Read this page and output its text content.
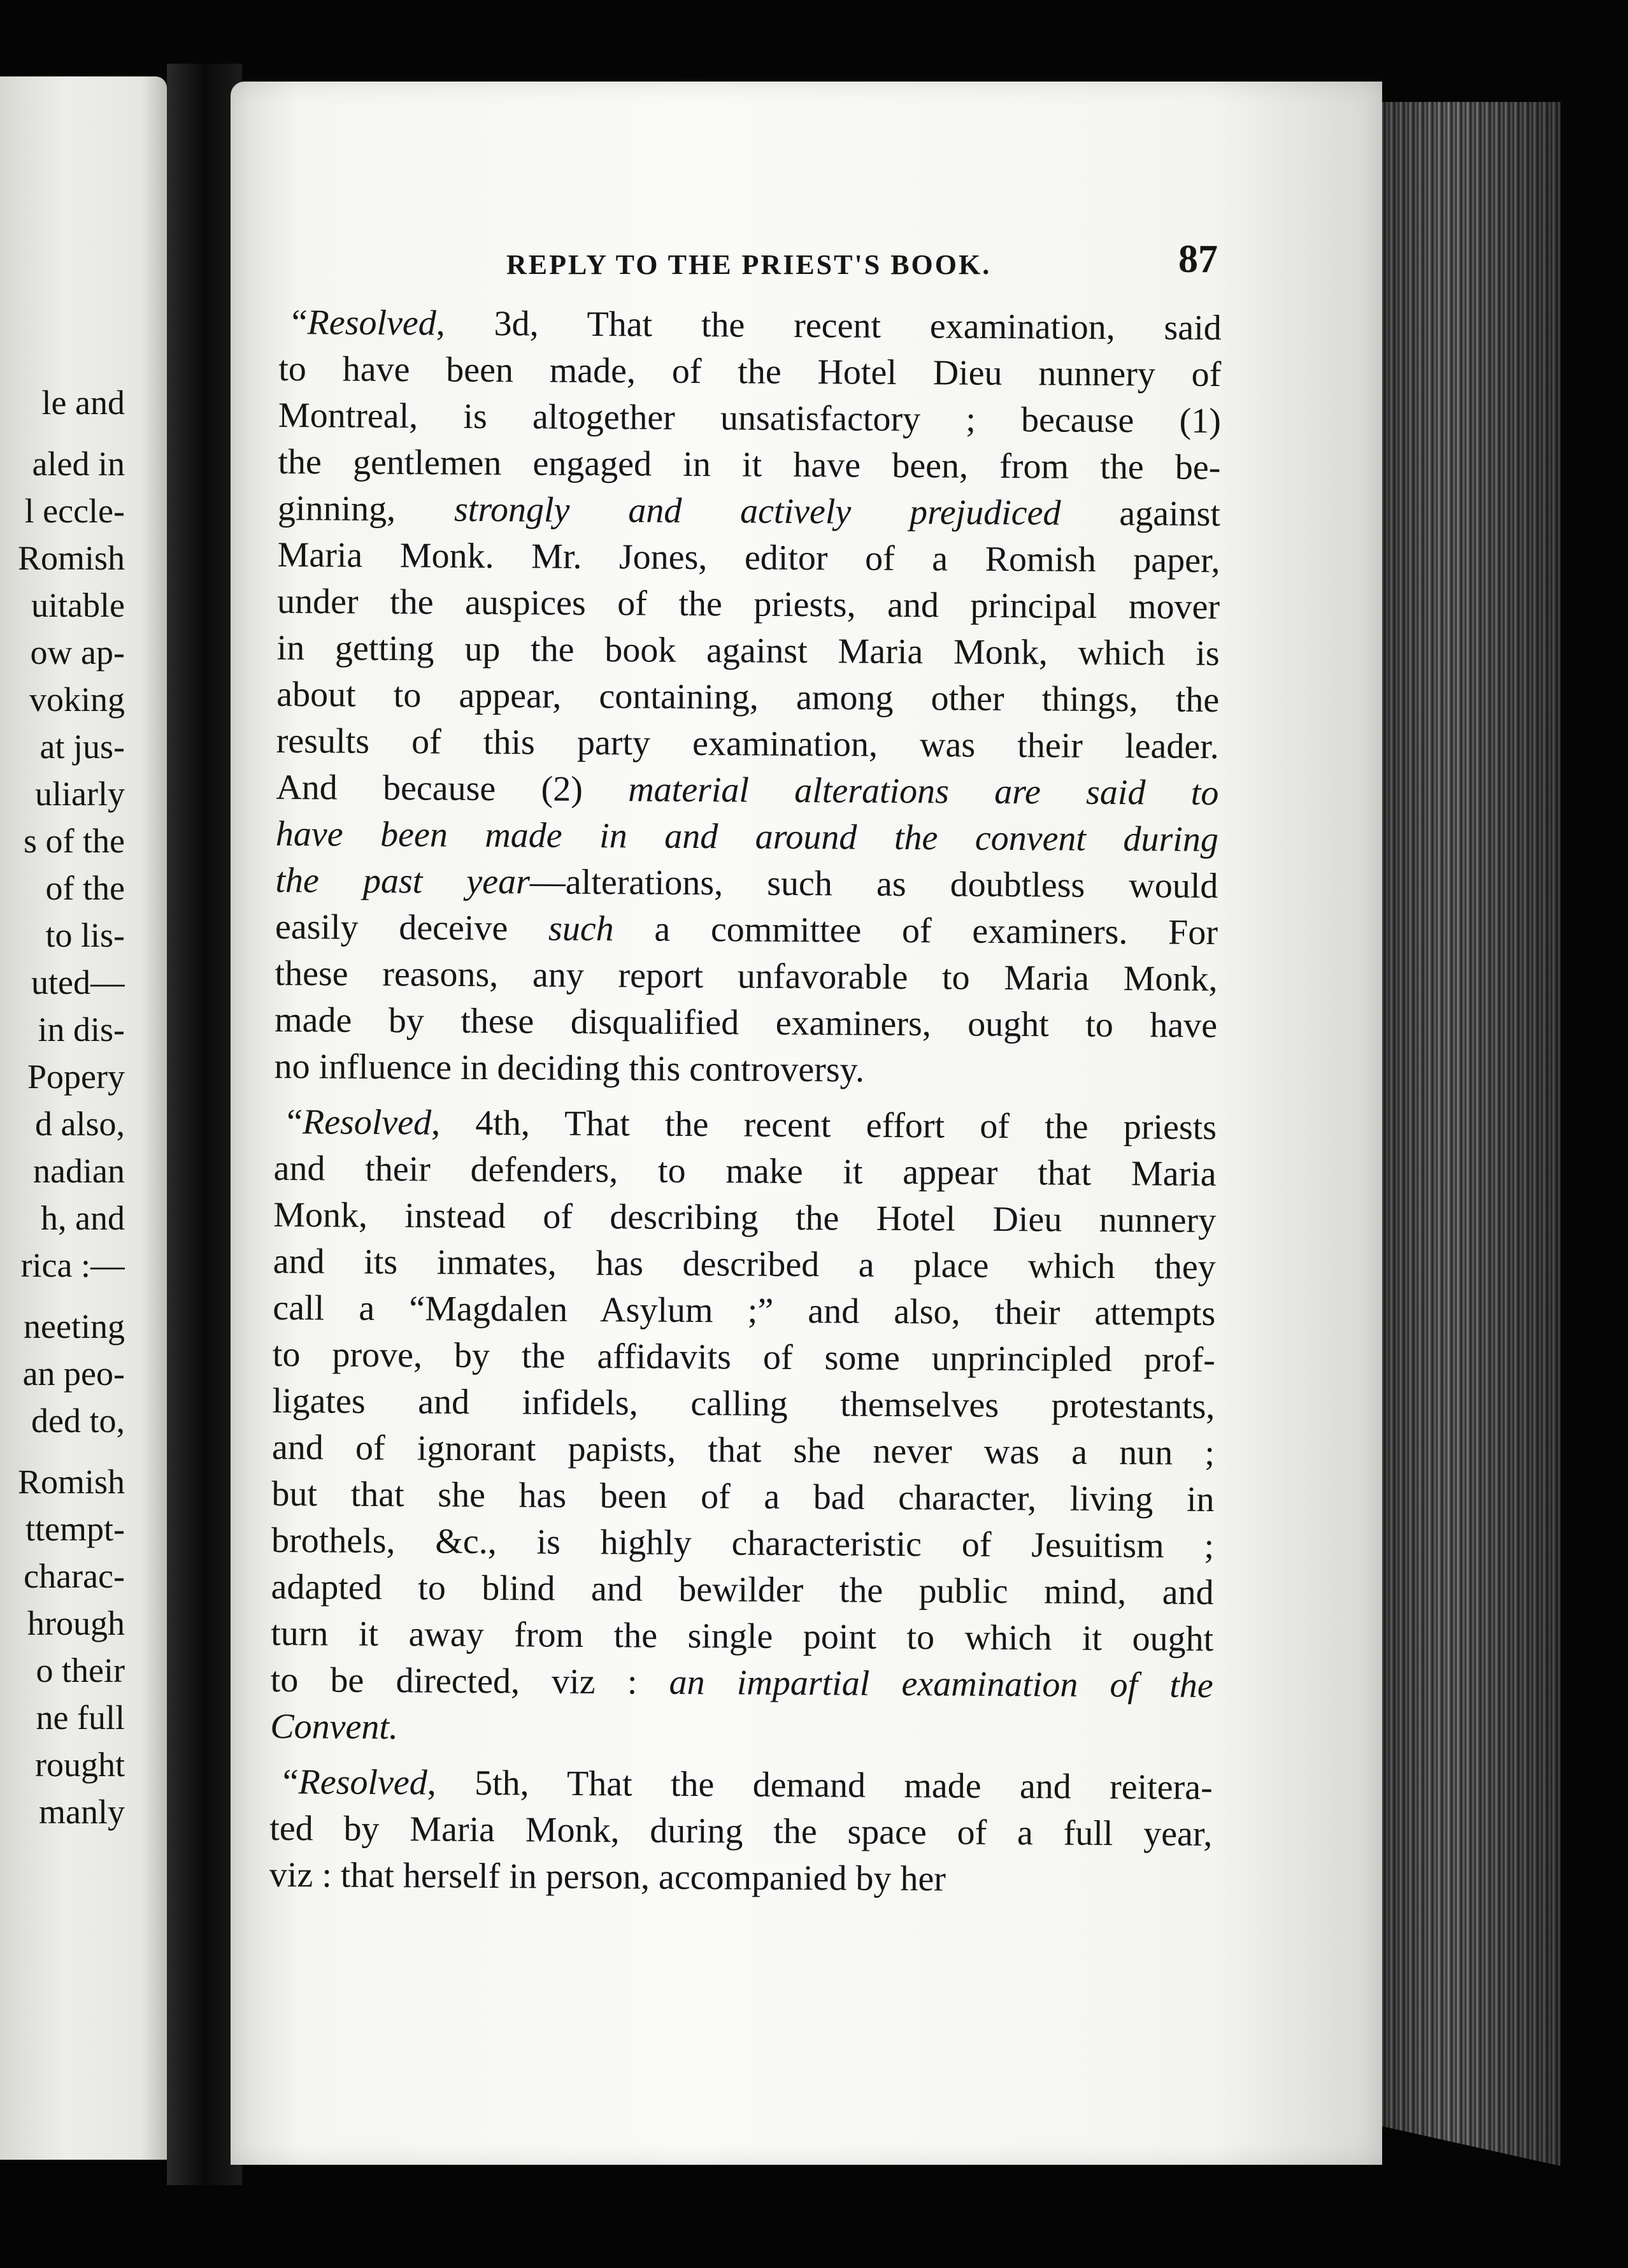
le and
aled in
l eccle-
Romish
uitable
ow ap-
voking
at jus-
uliarly
s of the
of the
to lis-
uted—
in dis-
Popery
d also,
nadian
h, and
rica :—
neeting
an peo-
ded to,
Romish
ttempt-
charac-
hrough
o their
ne full
rought
manly
REPLY TO THE PRIEST'S BOOK.	87
“Resolved, 3d, That the recent examination, said
to have been made, of the Hotel Dieu nunnery of
Montreal, is altogether unsatisfactory ; because (1)
the gentlemen engaged in it have been, from the be-
ginning, strongly and actively prejudiced against
Maria Monk. Mr. Jones, editor of a Romish paper,
under the auspices of the priests, and principal mover
in getting up the book against Maria Monk, which is
about to appear, containing, among other things, the
results of this party examination, was their leader.
And because (2) material alterations are said to
have been made in and around the convent during
the past year—alterations, such as doubtless would
easily deceive such a committee of examiners. For
these reasons, any report unfavorable to Maria Monk,
made by these disqualified examiners, ought to have
no influence in deciding this controversy.
“Resolved, 4th, That the recent effort of the priests
and their defenders, to make it appear that Maria
Monk, instead of describing the Hotel Dieu nunnery
and its inmates, has described a place which they
call a “Magdalen Asylum ;” and also, their attempts
to prove, by the affidavits of some unprincipled prof-
ligates and infidels, calling themselves protestants,
and of ignorant papists, that she never was a nun ;
but that she has been of a bad character, living in
brothels, &c., is highly characteristic of Jesuitism ;
adapted to blind and bewilder the public mind, and
turn it away from the single point to which it ought
to be directed, viz : an impartial examination of the
Convent.
“Resolved, 5th, That the demand made and reitera-
ted by Maria Monk, during the space of a full year,
viz : that herself in person, accompanied by her
